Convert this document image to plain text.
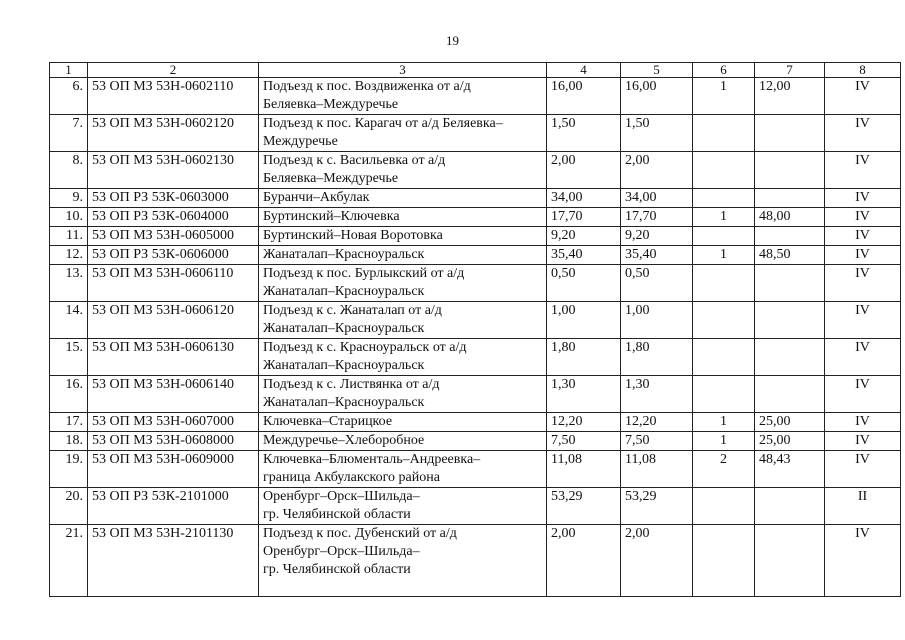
19
1	2	3	4	5	6	7	8
6.	53 ОП МЗ 53Н-0602110	Подъезд к пос. Воздвиженка от а/д
Беляевка–Междуречье	16,00	16,00	1	12,00	IV
7.	53 ОП МЗ 53Н-0602120	Подъезд к пос. Карагач от а/д Беляевка–
Междуречье	1,50	1,50			IV
8.	53 ОП МЗ 53Н-0602130	Подъезд к с. Васильевка от а/д
Беляевка–Междуречье	2,00	2,00			IV
9.	53 ОП РЗ 53К-0603000	Буранчи–Акбулак	34,00	34,00			IV
10.	53 ОП РЗ 53К-0604000	Буртинский–Ключевка	17,70	17,70	1	48,00	IV
11.	53 ОП МЗ 53Н-0605000	Буртинский–Новая Воротовка	9,20	9,20			IV
12.	53 ОП РЗ 53К-0606000	Жанаталап–Красноуральск	35,40	35,40	1	48,50	IV
13.	53 ОП МЗ 53Н-0606110	Подъезд к пос. Бурлыкский от а/д
Жанаталап–Красноуральск	0,50	0,50			IV
14.	53 ОП МЗ 53Н-0606120	Подъезд к с. Жанаталап от а/д
Жанаталап–Красноуральск	1,00	1,00			IV
15.	53 ОП МЗ 53Н-0606130	Подъезд к с. Красноуральск от а/д
Жанаталап–Красноуральск	1,80	1,80			IV
16.	53 ОП МЗ 53Н-0606140	Подъезд к с. Листвянка от а/д
Жанаталап–Красноуральск	1,30	1,30			IV
17.	53 ОП МЗ 53Н-0607000	Ключевка–Старицкое	12,20	12,20	1	25,00	IV
18.	53 ОП МЗ 53Н-0608000	Междуречье–Хлеборобное	7,50	7,50	1	25,00	IV
19.	53 ОП МЗ 53Н-0609000	Ключевка–Блюменталь–Андреевка–
граница Акбулакского района	11,08	11,08	2	48,43	IV
20.	53 ОП РЗ 53К-2101000	Оренбург–Орск–Шильда–
гр. Челябинской области	53,29	53,29			II
21.	53 ОП МЗ 53Н-2101130	Подъезд к пос. Дубенский от а/д
Оренбург–Орск–Шильда–
гр. Челябинской области	2,00	2,00			IV
